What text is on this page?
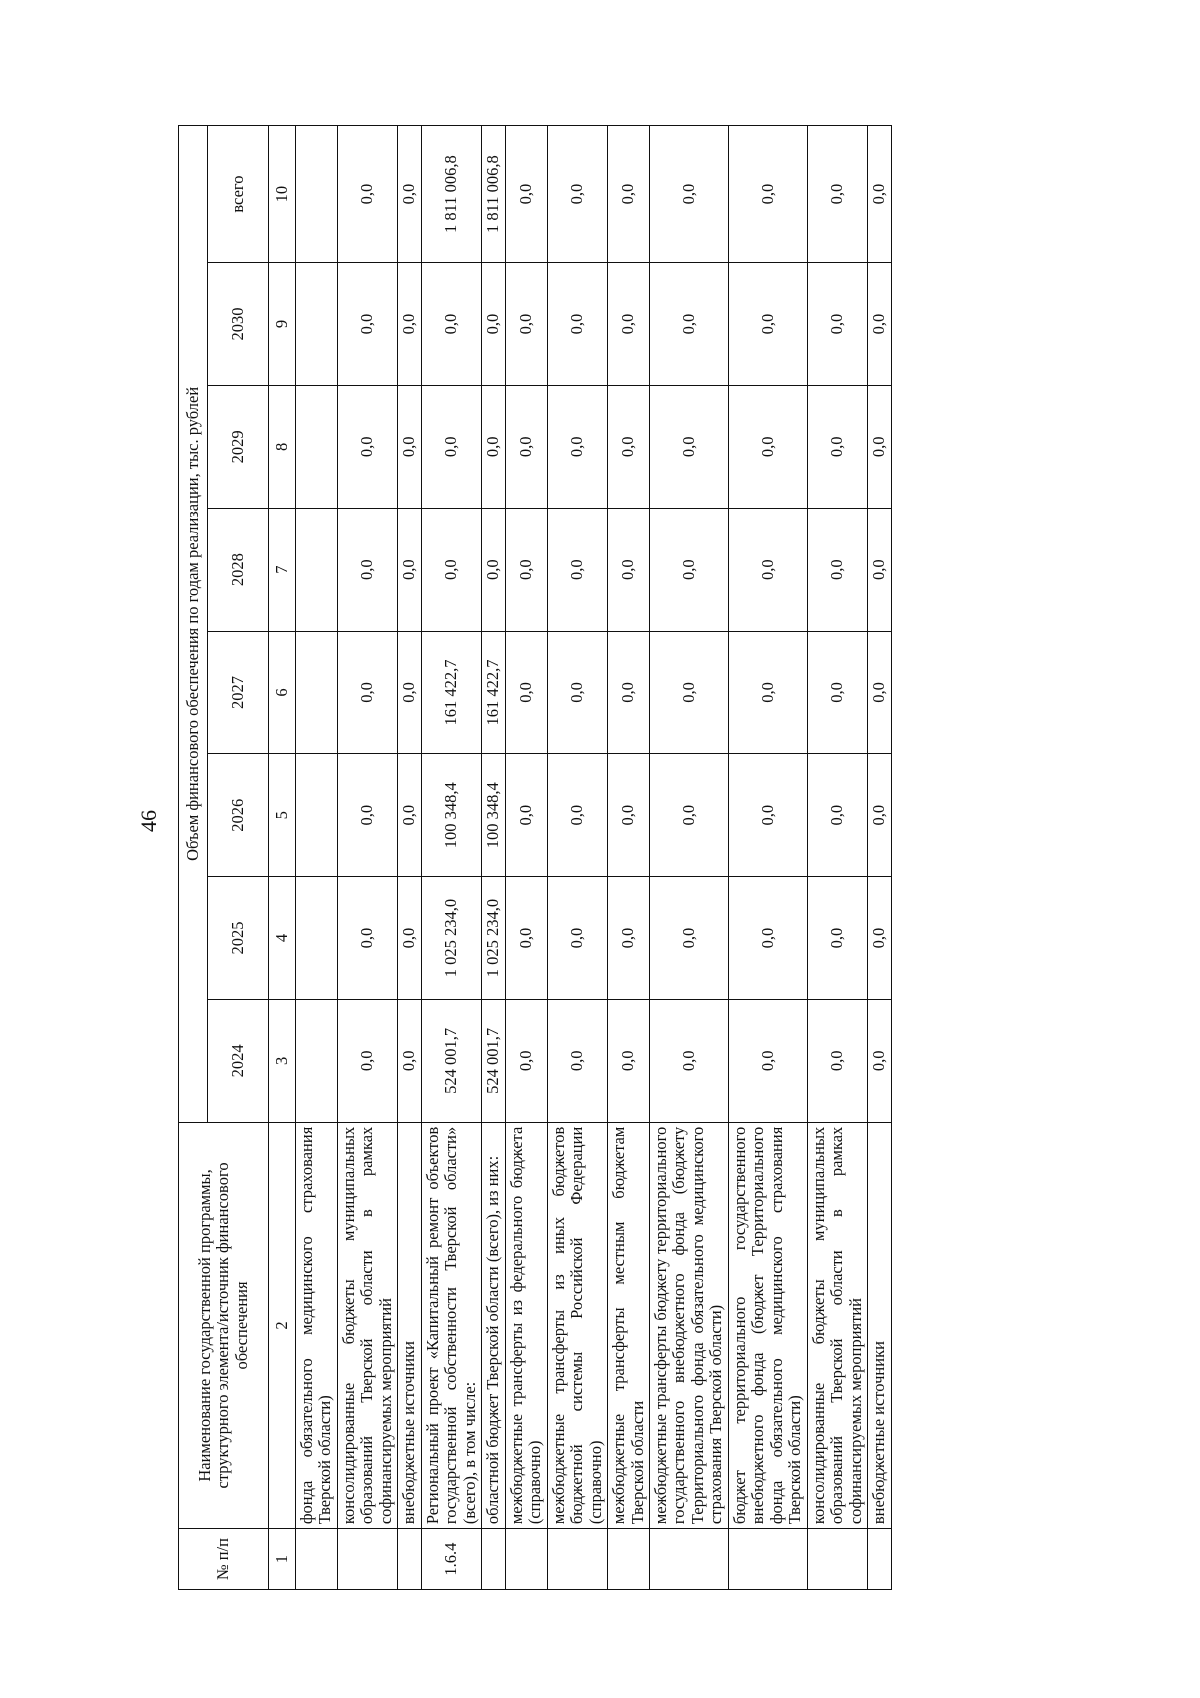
46
№ п/п	Наименование государственной программы, структурного элемента/источник финансового обеспечения	Объем финансового обеспечения по годам реализации, тыс. рублей							
		2024	2025	2026	2027	2028	2029	2030	всего
1	2	3	4	5	6	7	8	9	10
	фонда обязательного медицинского страхования Тверской области)								
	консолидированные бюджеты муниципальных образований Тверской области в рамках софинансируемых мероприятий	0,0	0,0	0,0	0,0	0,0	0,0	0,0	0,0
	внебюджетные источники	0,0	0,0	0,0	0,0	0,0	0,0	0,0	0,0
1.6.4	Региональный проект «Капитальный ремонт объектов государственной собственности Тверской области» (всего), в том числе:	524 001,7	1 025 234,0	100 348,4	161 422,7	0,0	0,0	0,0	1 811 006,8
	областной бюджет Тверской области (всего), из них:	524 001,7	1 025 234,0	100 348,4	161 422,7	0,0	0,0	0,0	1 811 006,8
	межбюджетные трансферты из федерального бюджета (справочно)	0,0	0,0	0,0	0,0	0,0	0,0	0,0	0,0
	межбюджетные трансферты из иных бюджетов бюджетной системы Российской Федерации (справочно)	0,0	0,0	0,0	0,0	0,0	0,0	0,0	0,0
	межбюджетные трансферты местным бюджетам Тверской области	0,0	0,0	0,0	0,0	0,0	0,0	0,0	0,0
	межбюджетные трансферты бюджету территориального государственного внебюджетного фонда (бюджету Территориального фонда обязательного медицинского страхования Тверской области)	0,0	0,0	0,0	0,0	0,0	0,0	0,0	0,0
	бюджет территориального государственного внебюджетного фонда (бюджет Территориального фонда обязательного медицинского страхования Тверской области)	0,0	0,0	0,0	0,0	0,0	0,0	0,0	0,0
	консолидированные бюджеты муниципальных образований Тверской области в рамках софинансируемых мероприятий	0,0	0,0	0,0	0,0	0,0	0,0	0,0	0,0
	внебюджетные источники	0,0	0,0	0,0	0,0	0,0	0,0	0,0	0,0
